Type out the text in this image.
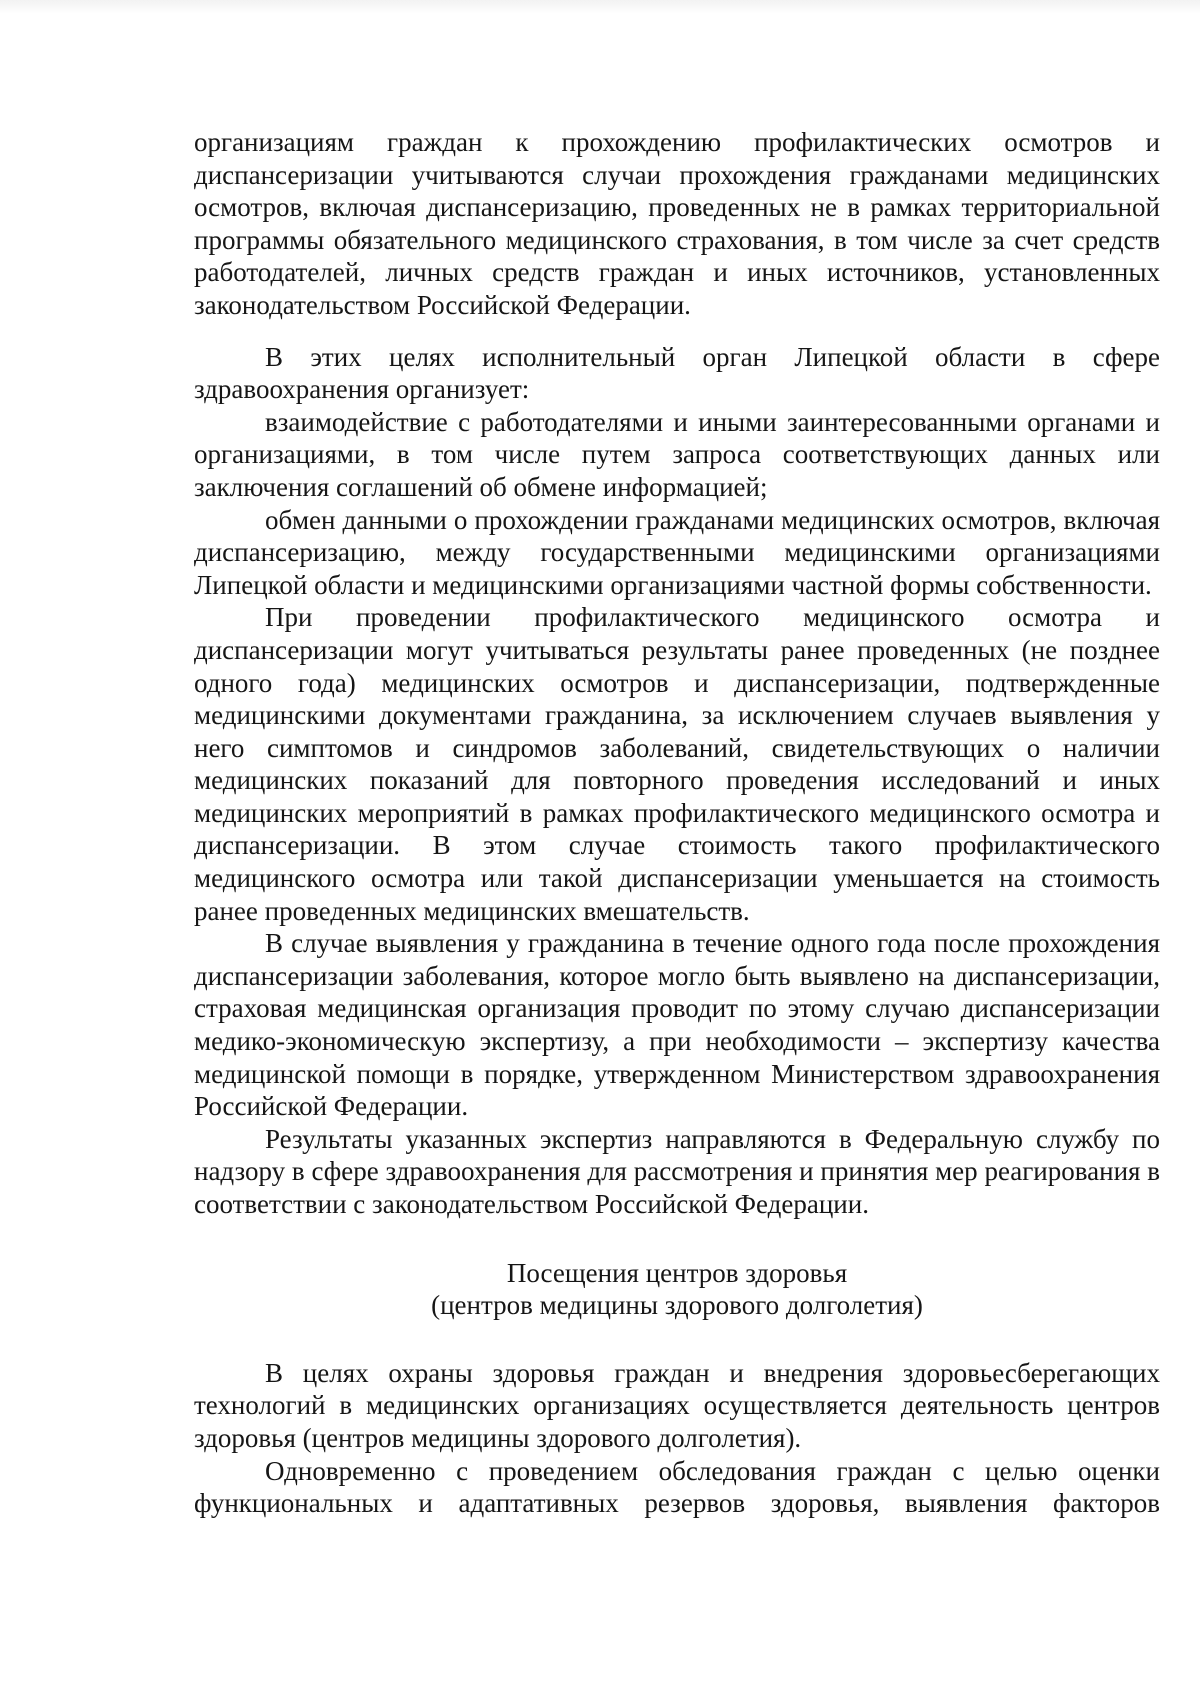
организациям граждан к прохождению профилактических осмотров и диспансеризации учитываются случаи прохождения гражданами медицинских осмотров, включая диспансеризацию, проведенных не в рамках территориальной программы обязательного медицинского страхования, в том числе за счет средств работодателей, личных средств граждан и иных источников, установленных законодательством Российской Федерации.

В этих целях исполнительный орган Липецкой области в сфере здравоохранения организует:

взаимодействие с работодателями и иными заинтересованными органами и организациями, в том числе путем запроса соответствующих данных или заключения соглашений об обмене информацией;

обмен данными о прохождении гражданами медицинских осмотров, включая диспансеризацию, между государственными медицинскими организациями Липецкой области и медицинскими организациями частной формы собственности.

При проведении профилактического медицинского осмотра и диспансеризации могут учитываться результаты ранее проведенных (не позднее одного года) медицинских осмотров и диспансеризации, подтвержденные медицинскими документами гражданина, за исключением случаев выявления у него симптомов и синдромов заболеваний, свидетельствующих о наличии медицинских показаний для повторного проведения исследований и иных медицинских мероприятий в рамках профилактического медицинского осмотра и диспансеризации. В этом случае стоимость такого профилактического медицинского осмотра или такой диспансеризации уменьшается на стоимость ранее проведенных медицинских вмешательств.

В случае выявления у гражданина в течение одного года после прохождения диспансеризации заболевания, которое могло быть выявлено на диспансеризации, страховая медицинская организация проводит по этому случаю диспансеризации медико-экономическую экспертизу, а при необходимости – экспертизу качества медицинской помощи в порядке, утвержденном Министерством здравоохранения Российской Федерации.

Результаты указанных экспертиз направляются в Федеральную службу по надзору в сфере здравоохранения для рассмотрения и принятия мер реагирования в соответствии с законодательством Российской Федерации.

Посещения центров здоровья
(центров медицины здорового долголетия)

В целях охраны здоровья граждан и внедрения здоровьесберегающих технологий в медицинских организациях осуществляется деятельность центров здоровья (центров медицины здорового долголетия).

Одновременно с проведением обследования граждан с целью оценки функциональных и адаптативных резервов здоровья, выявления факторов
